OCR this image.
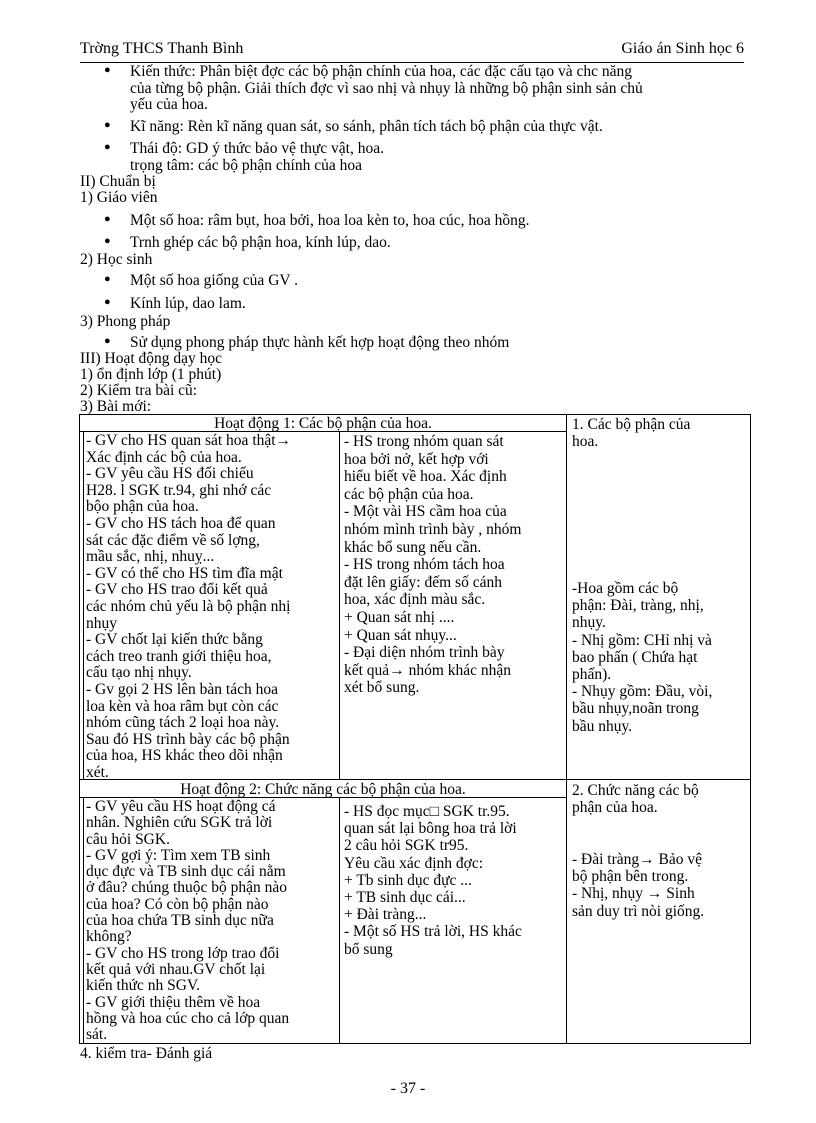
Trờng THCS Thanh Bình	Giáo án Sinh học 6
● Kiến thức: Phân biệt đợc các bộ phận chính của hoa, các đặc cấu tạo và chc năng
của từng bộ phận. Giải thích đợc vì sao nhị và nhụy là những bộ phận sinh sản chủ
yếu của hoa.
● Kĩ năng: Rèn kĩ năng quan sát, so sánh, phân tích tách bộ phận của thực vật.
● Thái độ: GD ý thức bảo vệ thực vật, hoa.
trọng tâm: các bộ phận chính của hoa
II) Chuẩn bị
1) Giáo viên
● Một số hoa: râm bụt, hoa bởi, hoa loa kèn to, hoa cúc, hoa hồng.
● Trnh ghép các bộ phận hoa, kính lúp, dao.
2) Học sinh
● Một số hoa giống của GV .
● Kính lúp, dao lam.
3) Phong pháp
● Sử dụng phong pháp thực hành kết hợp hoạt động theo nhóm
III) Hoạt động dạy học
1) ổn định lớp (1 phút)
2) Kiểm tra bài cũ:
3) Bài mới:
Hoạt động 1: Các bộ phận của hoa.
- GV cho HS quan sát hoa thật→
Xác định các bộ của hoa.
- GV yêu cầu HS đối chiếu
H28. l SGK tr.94, ghi nhớ các
bộo phận của hoa.
- GV cho HS tách hoa để quan
sát các đặc điểm về số lợng,
mầu sắc, nhị, nhuỵ...
- GV có thể cho HS tìm đĩa mật
- GV cho HS trao đổi kết quả
các nhóm chủ yếu là bộ phận nhị
nhụy
- GV chốt lại kiến thức bằng
cách treo tranh giới thiệu hoa,
cấu tạo nhị nhụy.
- Gv gọi 2 HS lên bàn tách hoa
loa kèn và hoa râm bụt còn các
nhóm cũng tách 2 loại hoa này.
Sau đó HS trình bày các bộ phận
của hoa, HS khác theo dõi nhận
xét.
- HS trong nhóm quan sát
hoa bởi nở, kết hợp với
hiểu biết về hoa. Xác định
các bộ phận của hoa.
- Một vài HS cầm hoa của
nhóm mình trình bày , nhóm
khác bổ sung nếu cần.
- HS trong nhóm tách hoa
đặt lên giấy: đếm số cánh
hoa, xác định màu sắc.
+ Quan sát nhị ....
+ Quan sát nhụy...
- Đại diện nhóm trình bày
kết quả→ nhóm khác nhận
xét bổ sung.
1. Các bộ phận của
hoa.
-Hoa gồm các bộ
phận: Đài, tràng, nhị,
nhụy.
- Nhị gồm: CHỉ nhị và
bao phấn ( Chứa hạt
phấn).
- Nhụy gồm: Đầu, vòi,
bầu nhụy,noãn trong
bầu nhụy.
Hoạt động 2: Chức năng các bộ phận của hoa.
- GV yêu cầu HS hoạt động cá
nhân. Nghiên cứu SGK trả lời
câu hỏi SGK.
- GV gợi ý: Tìm xem TB sinh
dục đực và TB sinh dục cái nằm
ở đâu? chúng thuộc bộ phận nào
của hoa? Có còn bộ phận nào
của hoa chứa TB sinh dục nữa
không?
- GV cho HS trong lớp trao đổi
kết quả với nhau.GV chốt lại
kiến thức nh SGV.
- GV giới thiệu thêm về hoa
hồng và hoa cúc cho cả lớp quan
sát.
- HS đọc mục□ SGK tr.95.
quan sát lại bông hoa trả lời
2 câu hỏi SGK tr95.
Yêu cầu xác định đợc:
+ Tb sinh dục đực ...
+ TB sinh dục cái...
+ Đài tràng...
- Một số HS trả lời, HS khác
bổ sung
2. Chức năng các bộ
phận của hoa.
- Đài tràng→ Bảo vệ
bộ phận bên trong.
- Nhị, nhụy → Sinh
sản duy trì nòi giống.
4. kiểm tra- Đánh giá
- 37 -
